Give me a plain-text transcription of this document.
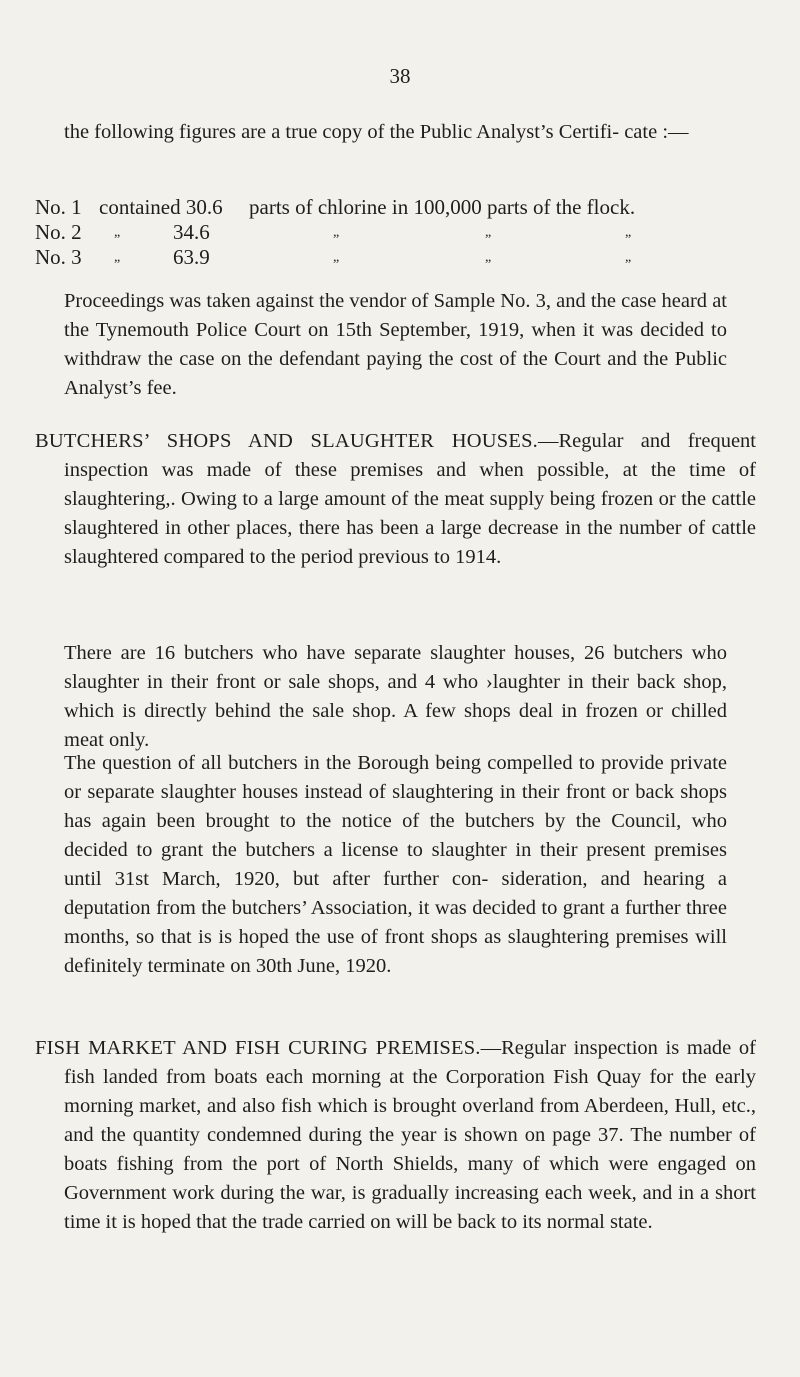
38

the following figures are a true copy of the Public Analyst’s Certifi- cate :—

No. 1 contained 30.6 parts of chlorine in 100,000 parts of the flock.
No. 2 „	34.6	„	„	„
No. 3 „	63.9	„	„	„

Proceedings was taken against the vendor of Sample No. 3, and the case heard at the Tynemouth Police Court on 15th September, 1919, when it was decided to withdraw the case on the defendant paying the cost of the Court and the Public Analyst’s fee.

BUTCHERS’ SHOPS AND SLAUGHTER HOUSES.—Regular and frequent inspection was made of these premises and when possible, at the time of slaughtering,. Owing to a large amount of the meat supply being frozen or the cattle slaughtered in other places, there has been a large decrease in the number of cattle slaughtered compared to the period previous to 1914.

There are 16 butchers who have separate slaughter houses, 26 butchers who slaughter in their front or sale shops, and 4 who ›laughter in their back shop, which is directly behind the sale shop. A few shops deal in frozen or chilled meat only.

The question of all butchers in the Borough being compelled to provide private or separate slaughter houses instead of slaughtering in their front or back shops has again been brought to the notice of the butchers by the Council, who decided to grant the butchers a license to slaughter in their present premises until 31st March, 1920, but after further con- sideration, and hearing a deputation from the butchers’ Association, it was decided to grant a further three months, so that is is hoped the use of front shops as slaughtering premises will definitely terminate on 30th June, 1920.

FISH MARKET AND FISH CURING PREMISES.—Regular inspection is made of fish landed from boats each morning at the Corporation Fish Quay for the early morning market, and also fish which is brought overland from Aberdeen, Hull, etc., and the quantity condemned during the year is shown on page 37. The number of boats fishing from the port of North Shields, many of which were engaged on Government work during the war, is gradually increasing each week, and in a short time it is hoped that the trade carried on will be back to its normal state.
